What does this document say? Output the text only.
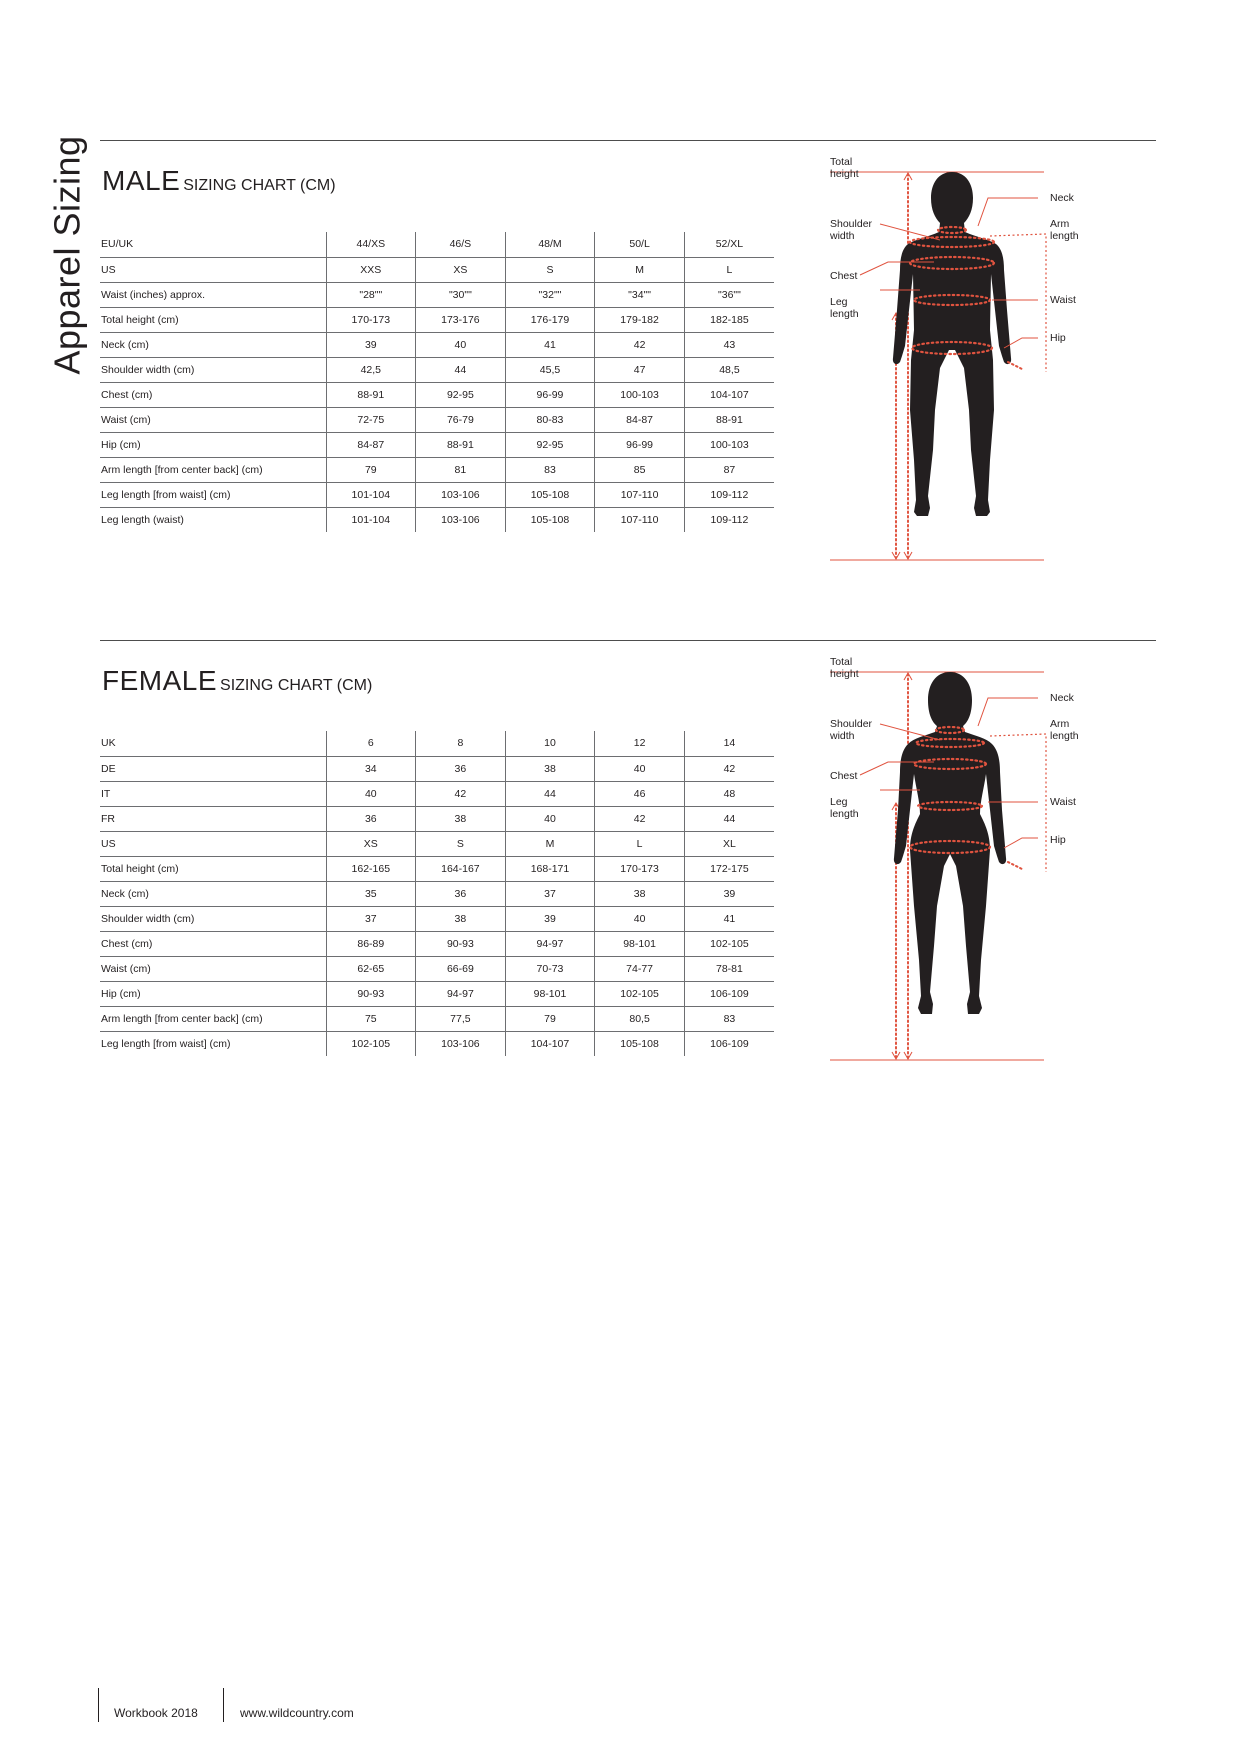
Apparel Sizing MALE SIZING CHART (CM)
EU/UK	44/XS	46/S	48/M	50/L	52/XL
US	XXS	XS	S	M	L
Waist (inches) approx.	"28""	"30""	"32""	"34""	"36""
Total height (cm)	170-173	173-176	176-179	179-182	182-185
Neck (cm)	39	40	41	42	43
Shoulder width (cm)	42,5	44	45,5	47	48,5
Chest (cm)	88-91	92-95	96-99	100-103	104-107
Waist (cm)	72-75	76-79	80-83	84-87	88-91
Hip (cm)	84-87	88-91	92-95	96-99	100-103
Arm length [from center back] (cm)	79	81	83	85	87
Leg length [from waist] (cm)	101-104	103-106	105-108	107-110	109-112
Leg length (waist)	101-104	103-106	105-108	107-110	109-112
Total height
Neck
Shoulder width
Arm length
Chest
Waist
Leg length
Hip
FEMALE SIZING CHART (CM)
UK	6	8	10	12	14
DE	34	36	38	40	42
IT	40	42	44	46	48
FR	36	38	40	42	44
US	XS	S	M	L	XL
Total height (cm)	162-165	164-167	168-171	170-173	172-175
Neck (cm)	35	36	37	38	39
Shoulder width (cm)	37	38	39	40	41
Chest (cm)	86-89	90-93	94-97	98-101	102-105
Waist (cm)	62-65	66-69	70-73	74-77	78-81
Hip (cm)	90-93	94-97	98-101	102-105	106-109
Arm length [from center back] (cm)	75	77,5	79	80,5	83
Leg length [from waist] (cm)	102-105	103-106	104-107	105-108	106-109
Total height
Neck
Shoulder width
Arm length
Chest
Waist
Leg length
Hip
Workbook 2018	www.wildcountry.com
